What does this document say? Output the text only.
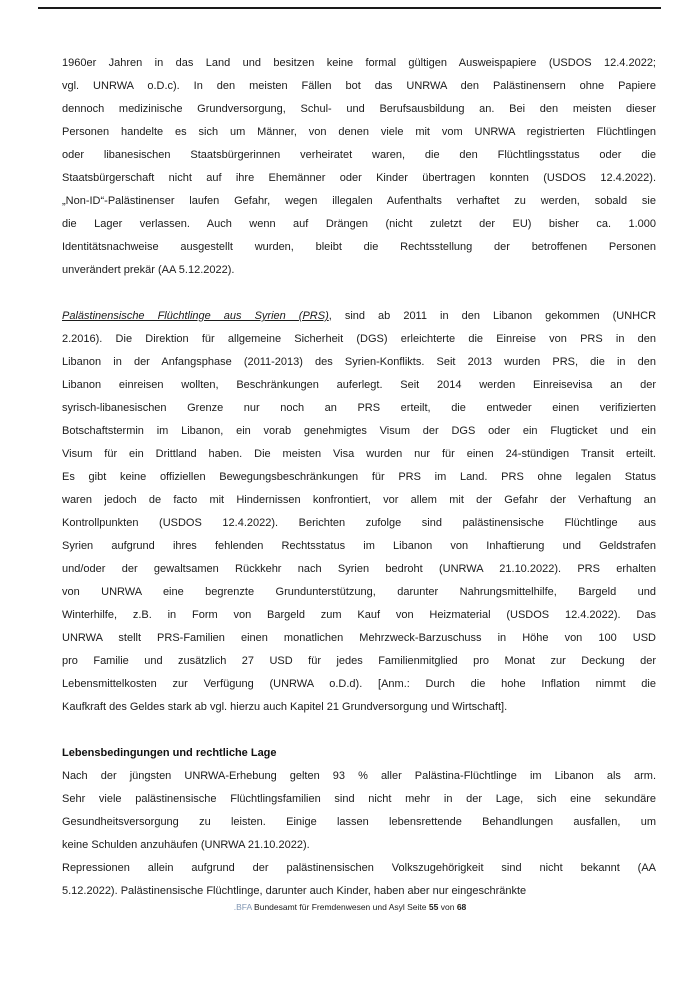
1960er Jahren in das Land und besitzen keine formal gültigen Ausweispapiere (USDOS 12.4.2022;
vgl. UNRWA o.D.c). In den meisten Fällen bot das UNRWA den Palästinensern ohne Papiere
dennoch medizinische Grundversorgung, Schul- und Berufsausbildung an. Bei den meisten dieser
Personen handelte es sich um Männer, von denen viele mit vom UNRWA registrierten Flüchtlingen
oder libanesischen Staatsbürgerinnen verheiratet waren, die den Flüchtlingsstatus oder die
Staatsbürgerschaft nicht auf ihre Ehemänner oder Kinder übertragen konnten (USDOS 12.4.2022).
„Non-ID“-Palästinenser laufen Gefahr, wegen illegalen Aufenthalts verhaftet zu werden, sobald sie
die Lager verlassen. Auch wenn auf Drängen (nicht zuletzt der EU) bisher ca. 1.000
Identitätsnachweise ausgestellt wurden, bleibt die Rechtsstellung der betroffenen Personen
unverändert prekär (AA 5.12.2022).
Palästinensische Flüchtlinge aus Syrien (PRS), sind ab 2011 in den Libanon gekommen (UNHCR
2.2016). Die Direktion für allgemeine Sicherheit (DGS) erleichterte die Einreise von PRS in den
Libanon in der Anfangsphase (2011-2013) des Syrien-Konflikts. Seit 2013 wurden PRS, die in den
Libanon einreisen wollten, Beschränkungen auferlegt. Seit 2014 werden Einreisevisa an der
syrisch-libanesischen Grenze nur noch an PRS erteilt, die entweder einen verifizierten
Botschaftstermin im Libanon, ein vorab genehmigtes Visum der DGS oder ein Flugticket und ein
Visum für ein Drittland haben. Die meisten Visa wurden nur für einen 24-stündigen Transit erteilt.
Es gibt keine offiziellen Bewegungsbeschränkungen für PRS im Land. PRS ohne legalen Status
waren jedoch de facto mit Hindernissen konfrontiert, vor allem mit der Gefahr der Verhaftung an
Kontrollpunkten (USDOS 12.4.2022). Berichten zufolge sind palästinensische Flüchtlinge aus
Syrien aufgrund ihres fehlenden Rechtsstatus im Libanon von Inhaftierung und Geldstrafen
und/oder der gewaltsamen Rückkehr nach Syrien bedroht (UNRWA 21.10.2022). PRS erhalten
von UNRWA eine begrenzte Grundunterstützung, darunter Nahrungsmittelhilfe, Bargeld und
Winterhilfe, z.B. in Form von Bargeld zum Kauf von Heizmaterial (USDOS 12.4.2022). Das
UNRWA stellt PRS-Familien einen monatlichen Mehrzweck-Barzuschuss in Höhe von 100 USD
pro Familie und zusätzlich 27 USD für jedes Familienmitglied pro Monat zur Deckung der
Lebensmittelkosten zur Verfügung (UNRWA o.D.d). [Anm.: Durch die hohe Inflation nimmt die
Kaufkraft des Geldes stark ab vgl. hierzu auch Kapitel 21 Grundversorgung und Wirtschaft].
Lebensbedingungen und rechtliche Lage
Nach der jüngsten UNRWA-Erhebung gelten 93 % aller Palästina-Flüchtlinge im Libanon als arm.
Sehr viele palästinensische Flüchtlingsfamilien sind nicht mehr in der Lage, sich eine sekundäre
Gesundheitsversorgung zu leisten. Einige lassen lebensrettende Behandlungen ausfallen, um
keine Schulden anzuhäufen (UNRWA 21.10.2022).
Repressionen allein aufgrund der palästinensischen Volkszugehörigkeit sind nicht bekannt (AA
5.12.2022). Palästinensische Flüchtlinge, darunter auch Kinder, haben aber nur eingeschränkte
.BFA Bundesamt für Fremdenwesen und Asyl Seite 55 von 68
